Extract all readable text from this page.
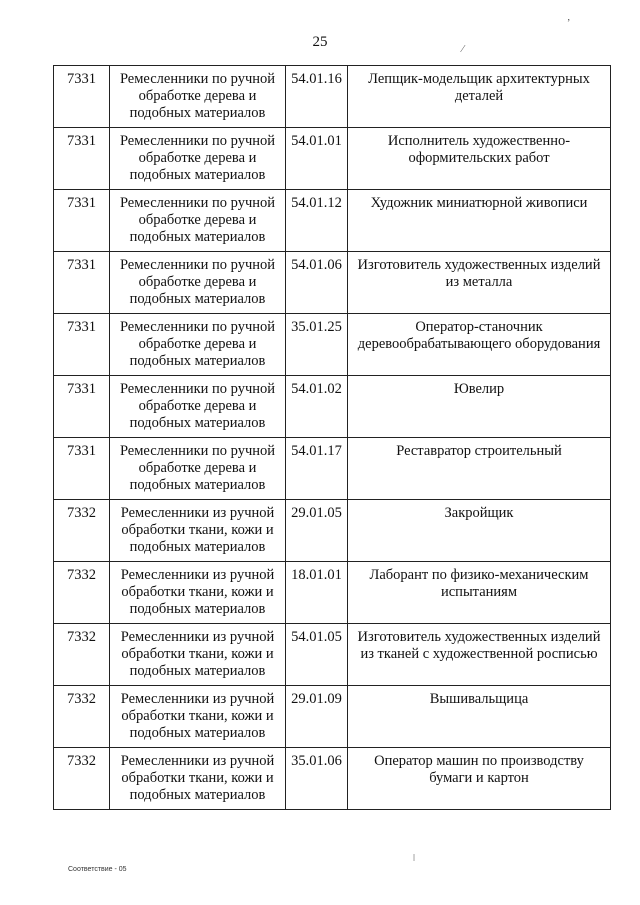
25
ʼ
⁄
7331	Ремесленники по ручной обработке дерева и подобных материалов	54.01.16	Лепщик-модельщик архитектурных деталей
7331	Ремесленники по ручной обработке дерева и подобных материалов	54.01.01	Исполнитель художественно-оформительских работ
7331	Ремесленники по ручной обработке дерева и подобных материалов	54.01.12	Художник миниатюрной живописи
7331	Ремесленники по ручной обработке дерева и подобных материалов	54.01.06	Изготовитель художественных изделий из металла
7331	Ремесленники по ручной обработке дерева и подобных материалов	35.01.25	Оператор-станочник деревообрабатывающего оборудования
7331	Ремесленники по ручной обработке дерева и подобных материалов	54.01.02	Ювелир
7331	Ремесленники по ручной обработке дерева и подобных материалов	54.01.17	Реставратор строительный
7332	Ремесленники из ручной обработки ткани, кожи и подобных материалов	29.01.05	Закройщик
7332	Ремесленники из ручной обработки ткани, кожи и подобных материалов	18.01.01	Лаборант по физико-механическим испытаниям
7332	Ремесленники из ручной обработки ткани, кожи и подобных материалов	54.01.05	Изготовитель художественных изделий из тканей с художественной росписью
7332	Ремесленники из ручной обработки ткани, кожи и подобных материалов	29.01.09	Вышивальщица
7332	Ремесленники из ручной обработки ткани, кожи и подобных материалов	35.01.06	Оператор машин по производству бумаги и картон
ǀ
Соответствие - 05
